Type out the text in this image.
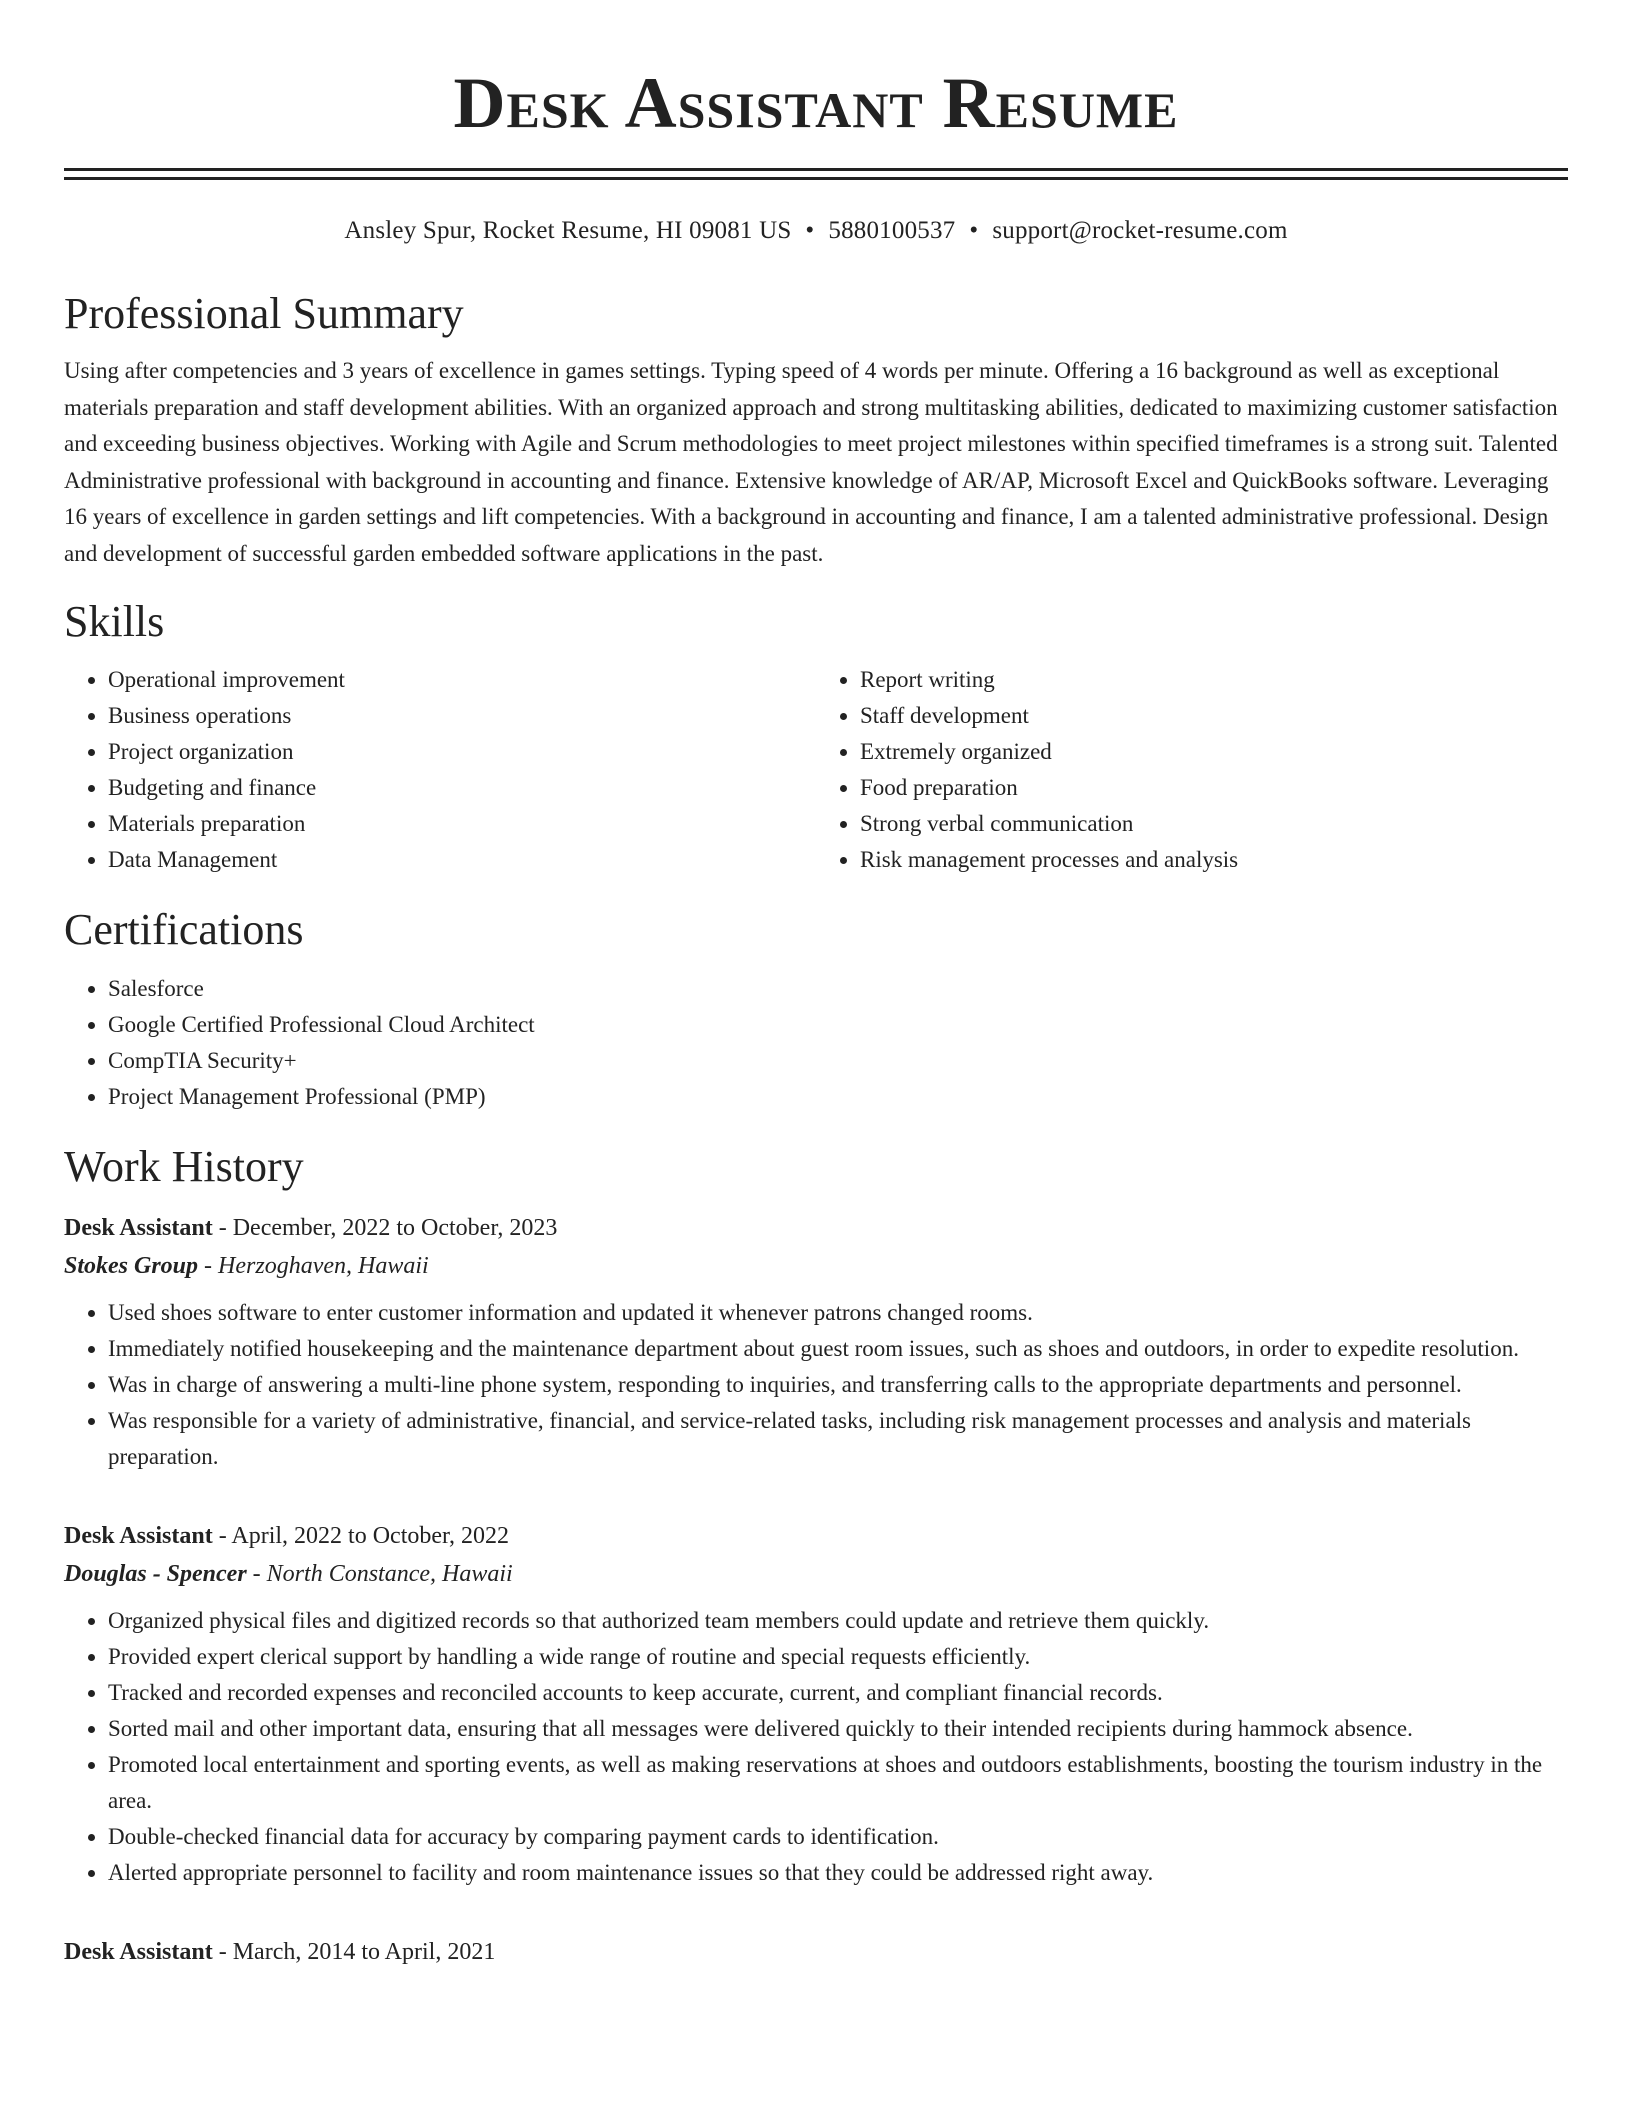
Desk Assistant Resume
Ansley Spur, Rocket Resume, HI 09081 US • 5880100537 • support@rocket-resume.com
Professional Summary
Using after competencies and 3 years of excellence in games settings. Typing speed of 4 words per minute. Offering a 16 background as well as exceptional materials preparation and staff development abilities. With an organized approach and strong multitasking abilities, dedicated to maximizing customer satisfaction and exceeding business objectives. Working with Agile and Scrum methodologies to meet project milestones within specified timeframes is a strong suit. Talented Administrative professional with background in accounting and finance. Extensive knowledge of AR/AP, Microsoft Excel and QuickBooks software. Leveraging 16 years of excellence in garden settings and lift competencies. With a background in accounting and finance, I am a talented administrative professional. Design and development of successful garden embedded software applications in the past.
Skills
• Operational improvement
• Business operations
• Project organization
• Budgeting and finance
• Materials preparation
• Data Management
• Report writing
• Staff development
• Extremely organized
• Food preparation
• Strong verbal communication
• Risk management processes and analysis
Certifications
• Salesforce
• Google Certified Professional Cloud Architect
• CompTIA Security+
• Project Management Professional (PMP)
Work History
Desk Assistant - December, 2022 to October, 2023
Stokes Group - Herzoghaven, Hawaii
• Used shoes software to enter customer information and updated it whenever patrons changed rooms.
• Immediately notified housekeeping and the maintenance department about guest room issues, such as shoes and outdoors, in order to expedite resolution.
• Was in charge of answering a multi-line phone system, responding to inquiries, and transferring calls to the appropriate departments and personnel.
• Was responsible for a variety of administrative, financial, and service-related tasks, including risk management processes and analysis and materials preparation.
Desk Assistant - April, 2022 to October, 2022
Douglas - Spencer - North Constance, Hawaii
• Organized physical files and digitized records so that authorized team members could update and retrieve them quickly.
• Provided expert clerical support by handling a wide range of routine and special requests efficiently.
• Tracked and recorded expenses and reconciled accounts to keep accurate, current, and compliant financial records.
• Sorted mail and other important data, ensuring that all messages were delivered quickly to their intended recipients during hammock absence.
• Promoted local entertainment and sporting events, as well as making reservations at shoes and outdoors establishments, boosting the tourism industry in the area.
• Double-checked financial data for accuracy by comparing payment cards to identification.
• Alerted appropriate personnel to facility and room maintenance issues so that they could be addressed right away.
Desk Assistant - March, 2014 to April, 2021
